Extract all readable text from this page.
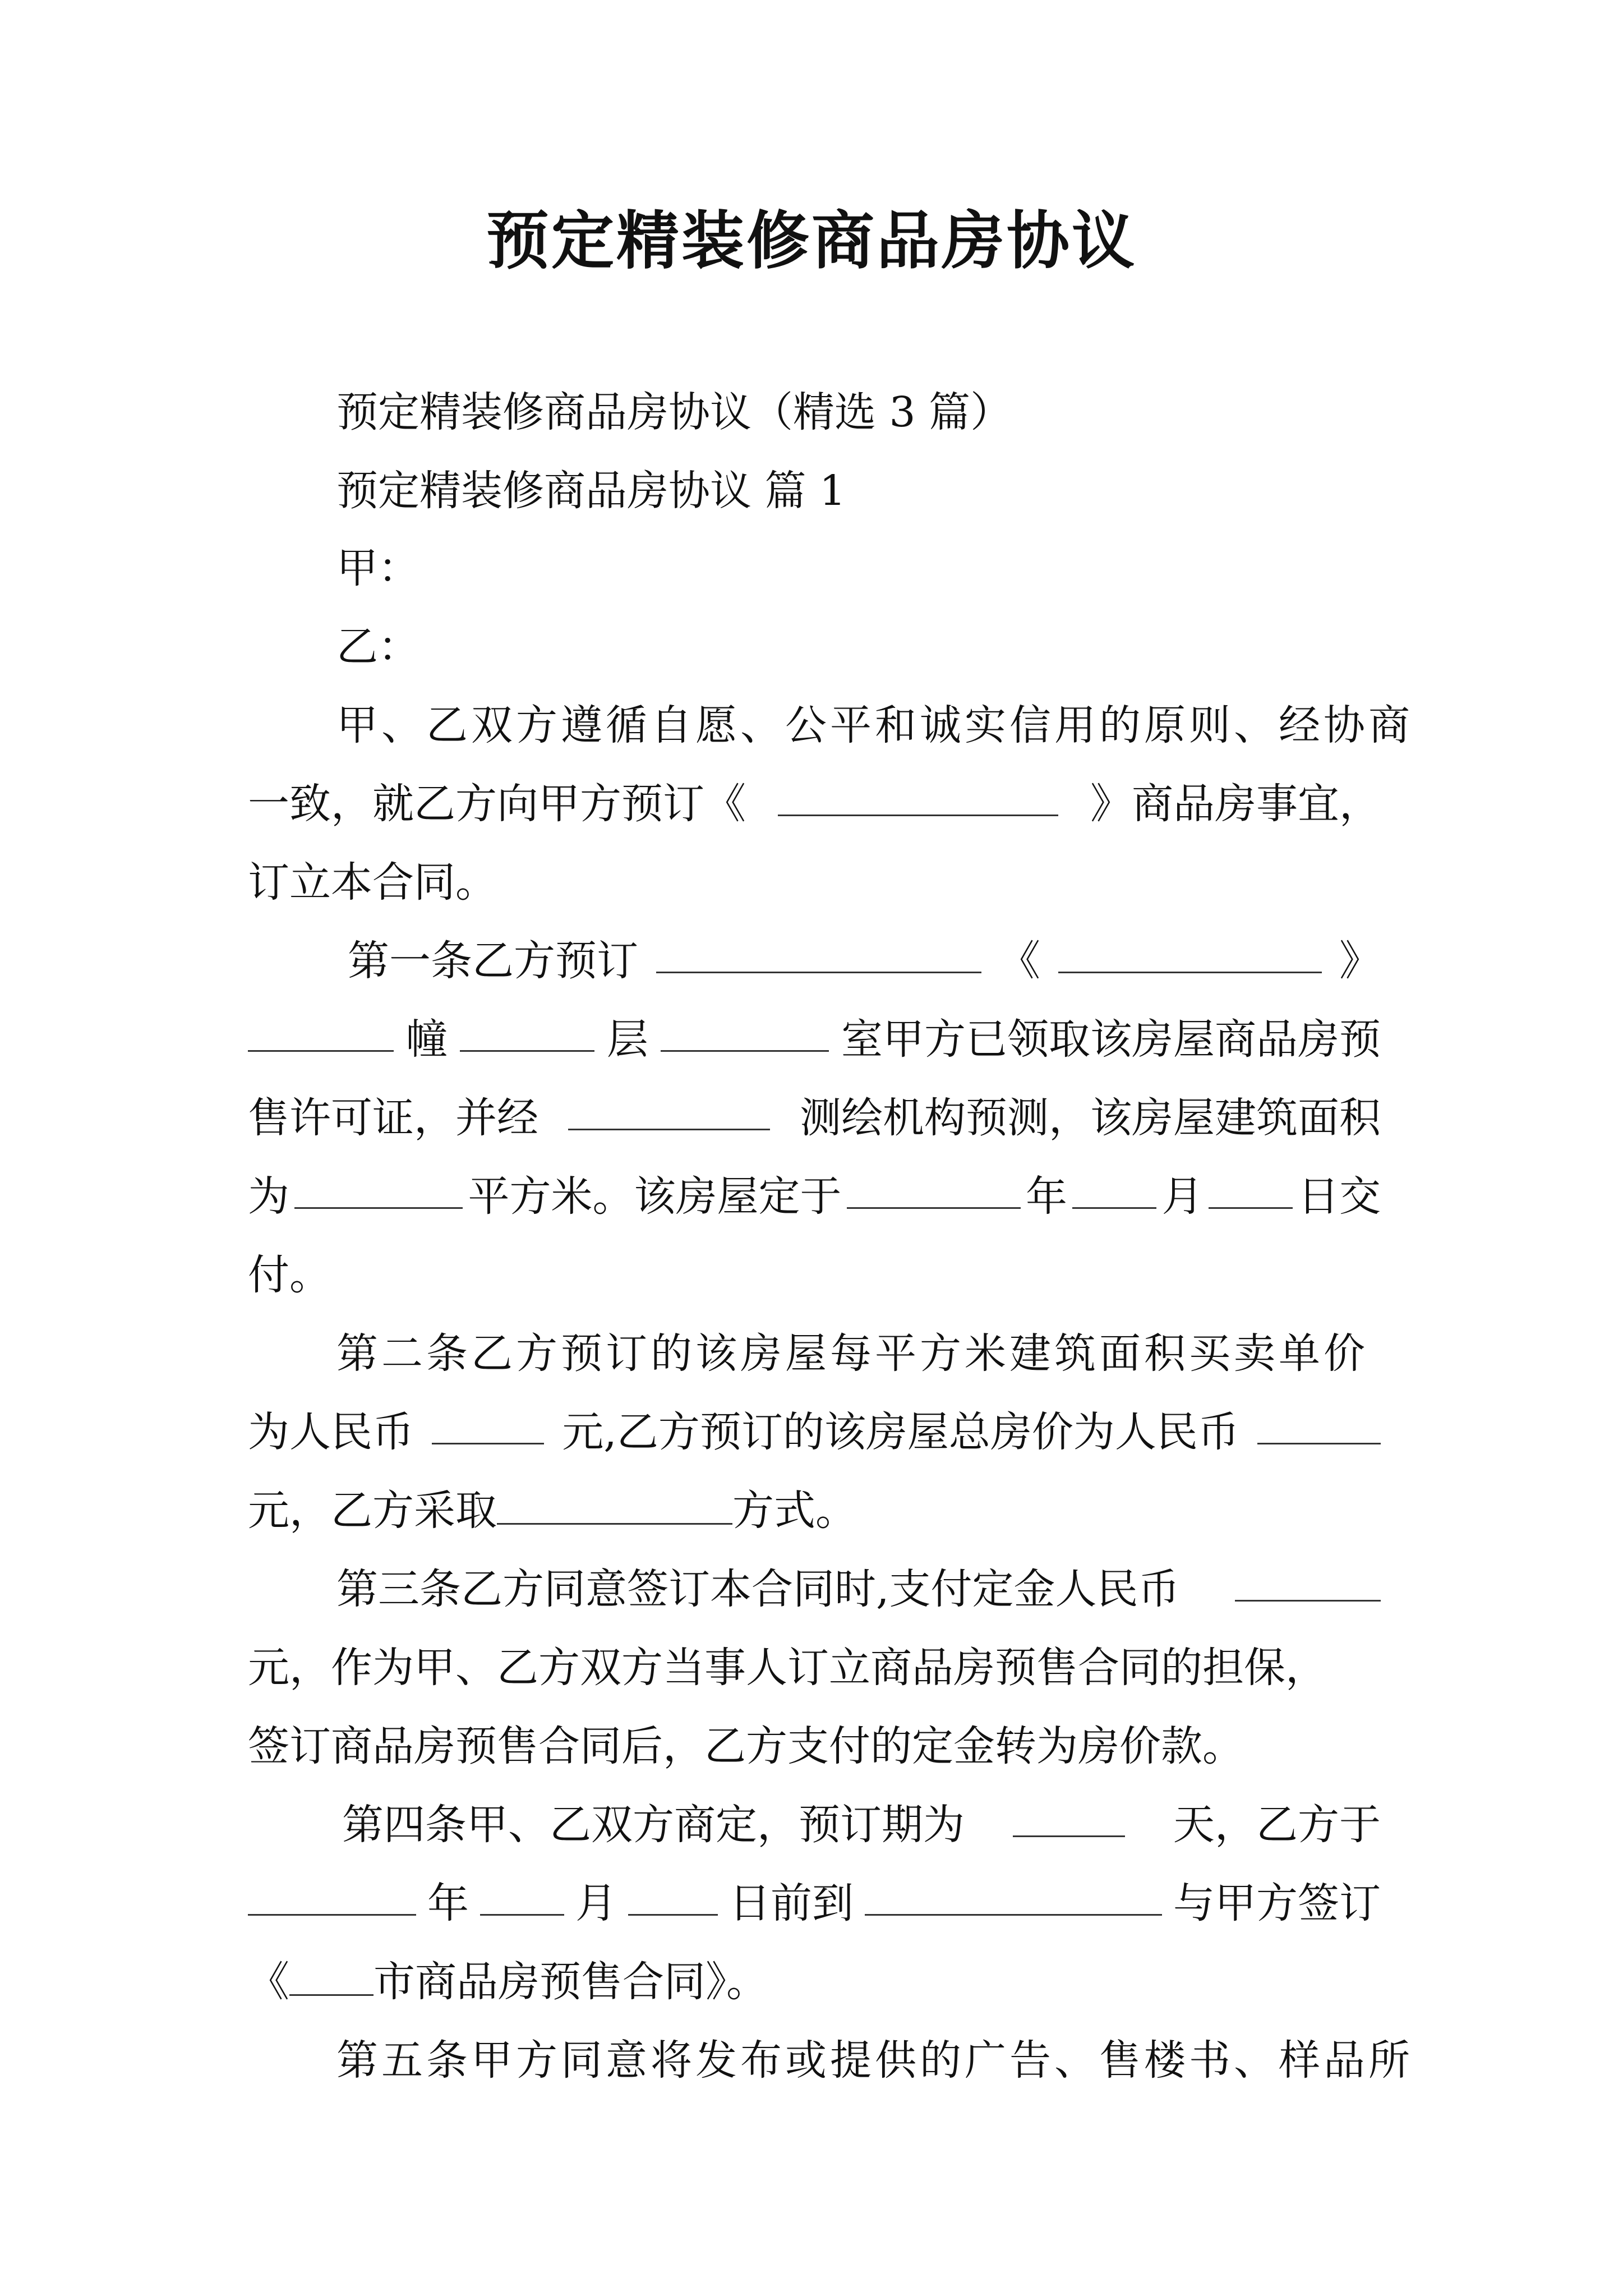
预定精装修商品房协议
预定精装修商品房协议（精选 3 篇）
预定精装修商品房协议 篇 1
甲：
乙：
甲、乙双方遵循自愿、公平和诚实信用的原则、经协商
一致，就乙方向甲方预订《	》商品房事宜，
订立本合同。
第一条乙方预订	《	》
幢	层	室甲方已领取该房屋商品房预
售许可证，并经	测绘机构预测，该房屋建筑面积
为	平方米。该房屋定于	年 月 日交
付。
第二条乙方预订的该房屋每平方米建筑面积买卖单价
为人民币	元,乙方预订的该房屋总房价为人民币
元，乙方采取	方式。
第三条乙方同意签订本合同时,支付定金人民币
元，作为甲、乙方双方当事人订立商品房预售合同的担保，
签订商品房预售合同后，乙方支付的定金转为房价款。
第四条甲、乙双方商定，预订期为	天，乙方于
年	月	日前到	与甲方签订
《 市商品房预售合同》。
第五条甲方同意将发布或提供的广告、售楼书、样品所
